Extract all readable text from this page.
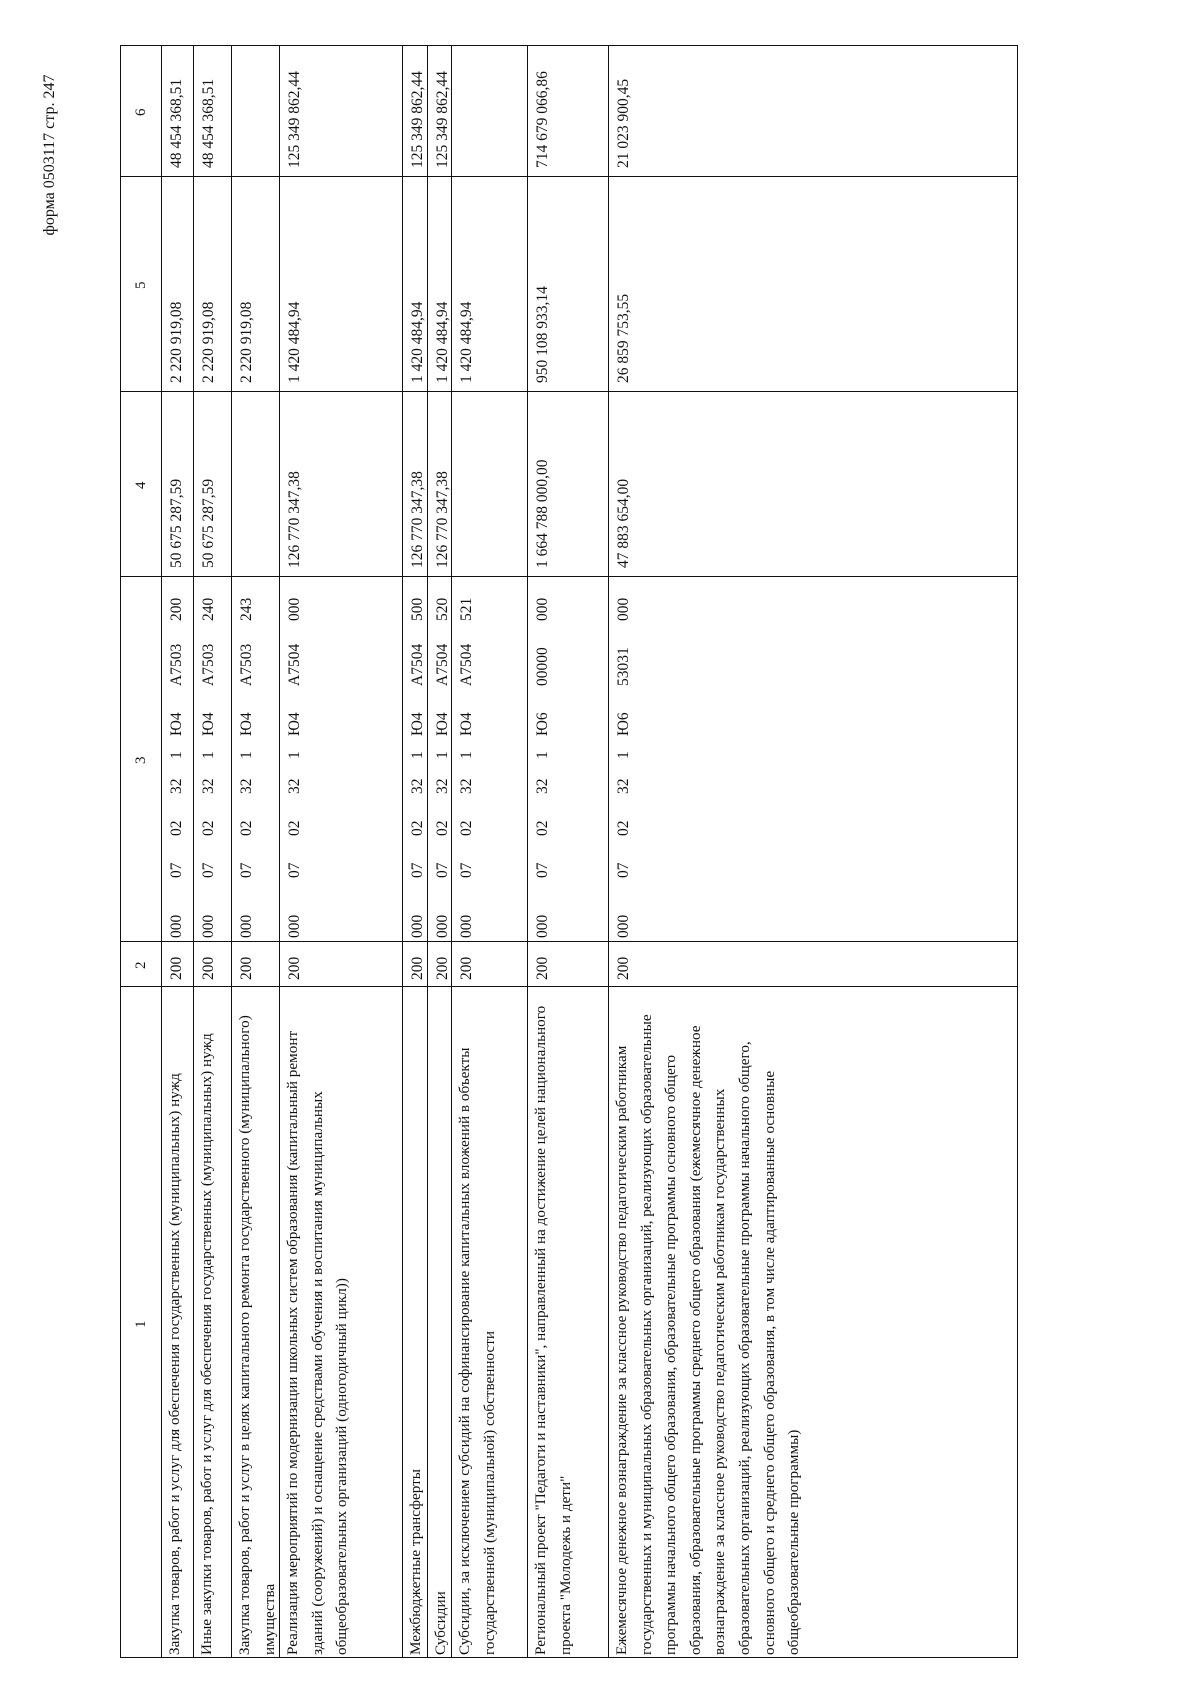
форма 0503117 стр. 247
1
2
3
4
5
6
Закупка товаров, работ и услуг для обеспечения государственных (муниципальных) нужд
200
000
07
02
32
1
Ю4
А7503
200
50 675 287,59
2 220 919,08
48 454 368,51
Иные закупки товаров, работ и услуг для обеспечения государственных (муниципальных) нужд
200
000
07
02
32
1
Ю4
А7503
240
50 675 287,59
2 220 919,08
48 454 368,51
Закупка товаров, работ и услуг в целях капитального ремонта государственного (муниципального) имущества
200
000
07
02
32
1
Ю4
А7503
243
2 220 919,08
Реализация мероприятий по модернизации школьных систем образования (капитальный ремонт зданий (сооружений) и оснащение средствами обучения и воспитания муниципальных общеобразовательных организаций (одногодичный цикл))
200
000
07
02
32
1
Ю4
А7504
000
126 770 347,38
1 420 484,94
125 349 862,44
Межбюджетные трансферты
200
000
07
02
32
1
Ю4
А7504
500
126 770 347,38
1 420 484,94
125 349 862,44
Субсидии
200
000
07
02
32
1
Ю4
А7504
520
126 770 347,38
1 420 484,94
125 349 862,44
Субсидии, за исключением субсидий на софинансирование капитальных вложений в объекты государственной (муниципальной) собственности
200
000
07
02
32
1
Ю4
А7504
521
1 420 484,94
Региональный проект "Педагоги и наставники", направленный на достижение целей национального проекта "Молодежь и дети"
200
000
07
02
32
1
Ю6
00000
000
1 664 788 000,00
950 108 933,14
714 679 066,86
Ежемесячное денежное вознаграждение за классное руководство педагогическим работникам государственных и муниципальных образовательных организаций, реализующих образовательные программы начального общего образования, образовательные программы основного общего образования, образовательные программы среднего общего образования (ежемесячное денежное вознаграждение за классное руководство педагогическим работникам государственных образовательных организаций, реализующих образовательные программы начального общего, основного общего и среднего общего образования, в том числе адаптированные основные общеобразовательные программы)
200
000
07
02
32
1
Ю6
53031
000
47 883 654,00
26 859 753,55
21 023 900,45
